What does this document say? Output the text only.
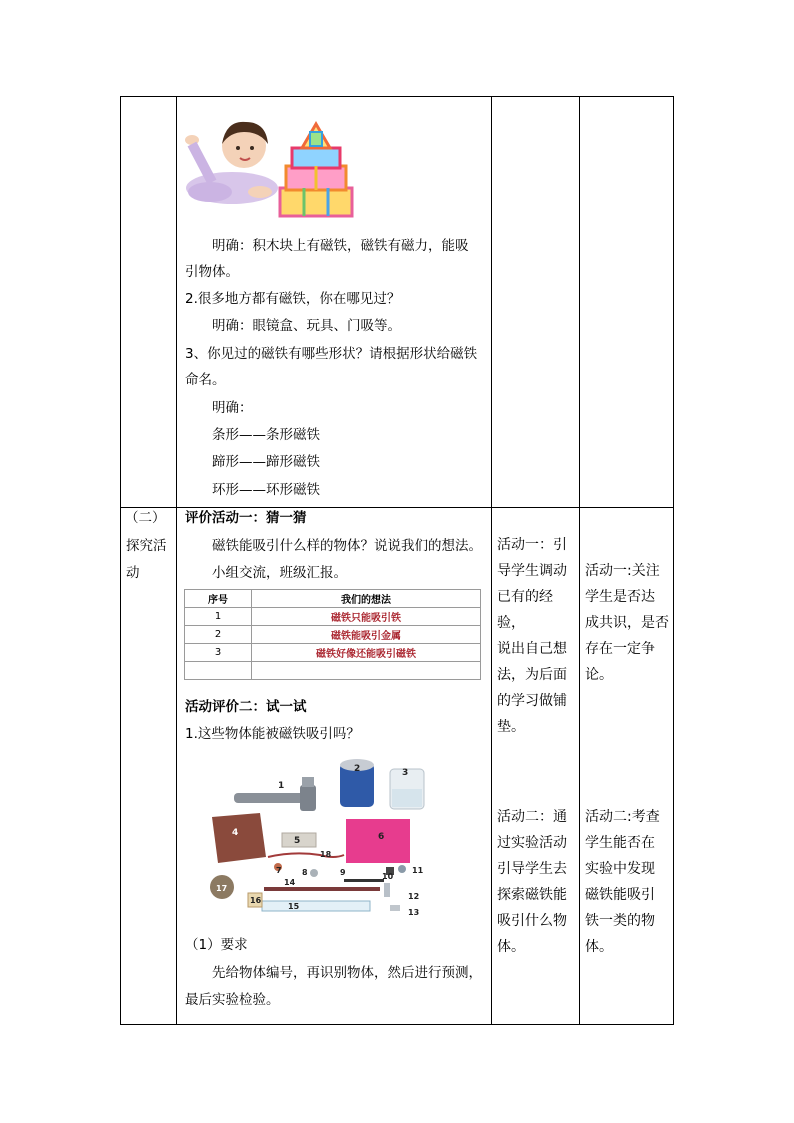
明确：积木块上有磁铁，磁铁有磁力，能吸
引物体。
2.很多地方都有磁铁，你在哪见过？
明确：眼镜盒、玩具、门吸等。
3、你见过的磁铁有哪些形状？请根据形状给磁铁
命名。
明确：
条形——条形磁铁
蹄形——蹄形磁铁
环形——环形磁铁
（二）
探究活
动
评价活动一：猜一猜
磁铁能吸引什么样的物体？说说我们的想法。
小组交流，班级汇报。
序号	我们的想法
1	磁铁只能吸引铁
2	磁铁能吸引金属
3	磁铁好像还能吸引磁铁

活动评价二：试一试
1.这些物体能被磁铁吸引吗？
1
2	3
4
5	6
7	8	9	10
11
12
13
14
15
16
17
18
（1）要求
先给物体编号，再识别物体，然后进行预测，
最后实验检验。
活动一：引
导学生调动
已有的经验，
说出自己想
法，为后面
的学习做铺
垫。
活动二：通
过实验活动
引导学生去
探索磁铁能
吸引什么物
体。
活动一:关注
学生是否达
成共识，是否
存在一定争
论。
活动二:考查
学生能否在
实验中发现
磁铁能吸引
铁一类的物
体。
